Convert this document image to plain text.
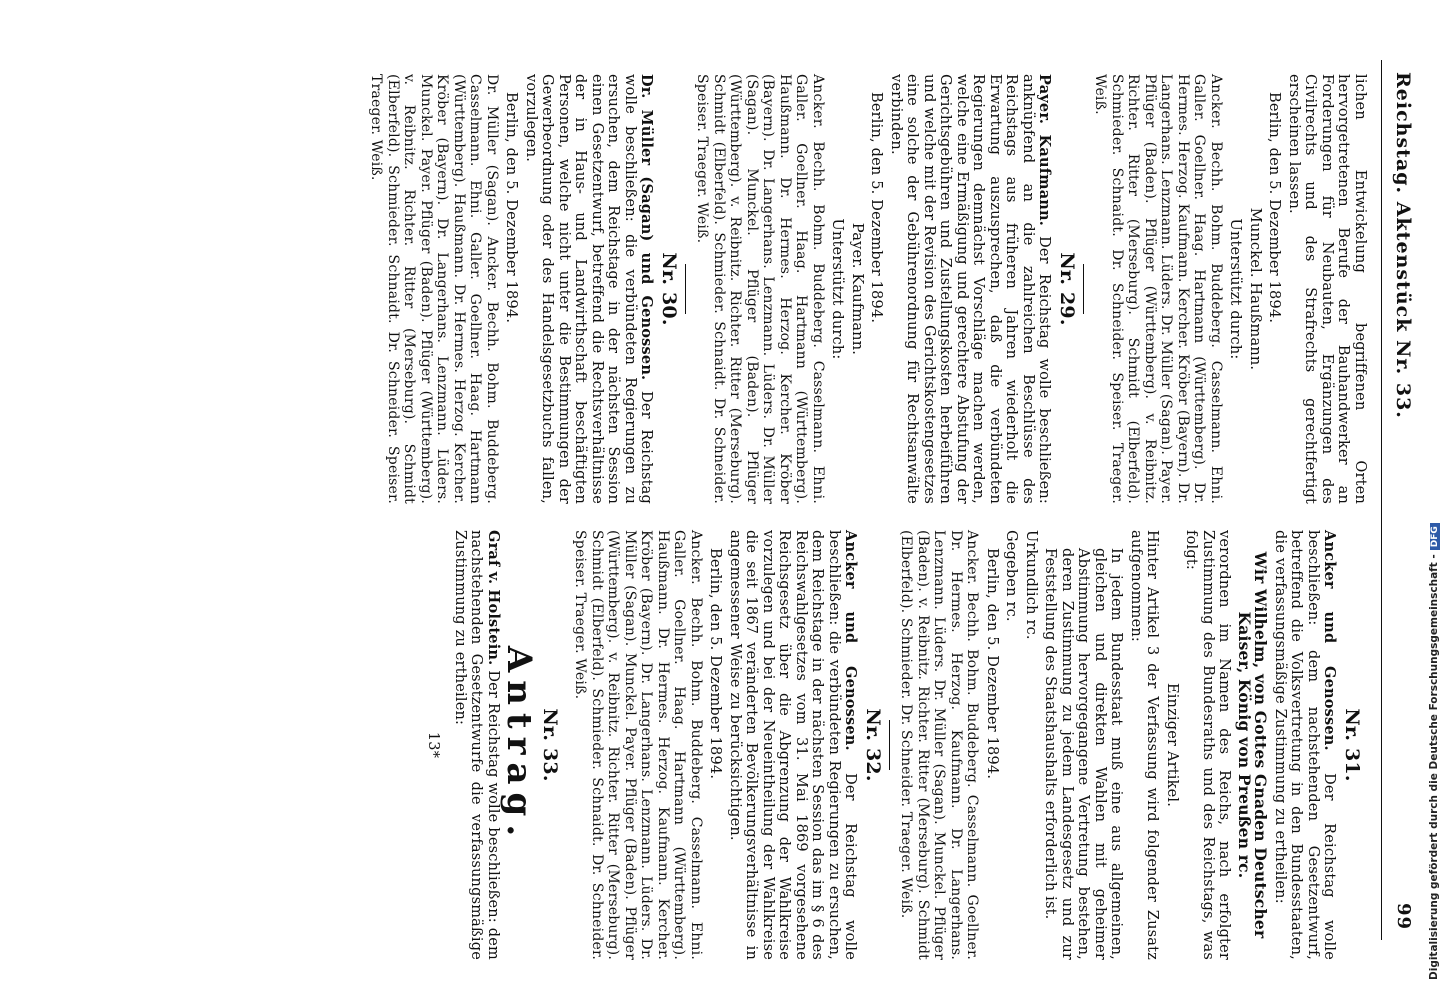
Reichstag. Aktenstück Nr. 33.
99

lichen Entwickelung begriffenen Orten hervorgetretenen Berufe der Bauhandwerker an Forderungen für Neubauten, Ergänzungen des Civilrechts und des Strafrechts gerechtfertigt erscheinen lassen.

Berlin, den 5. Dezember 1894.

Munckel. Haußmann.

Unterstützt durch:

Ancker. Bechh. Bohm. Buddeberg. Casselmann. Ehni. Galler. Goellner. Haag. Hartmann (Württemberg). Dr. Hermes. Herzog. Kaufmann. Kercher. Kröber (Bayern). Dr. Langerhans. Lenzmann. Lüders. Dr. Müller (Sagan). Payer. Pflüger (Baden). Pflüger (Württemberg). v. Reibnitz. Richter. Ritter (Merseburg). Schmidt (Elberfeld). Schmieder. Schnaidt. Dr. Schneider. Speiser. Traeger. Weiß.

Nr. 29.

Payer. Kaufmann. Der Reichstag wolle beschließen: anknüpfend an die zahlreichen Beschlüsse des Reichstags aus früheren Jahren wiederholt die Erwartung auszusprechen, daß die verbündeten Regierungen demnächst Vorschläge machen werden, welche eine Ermäßigung und gerechtere Abstufung der Gerichtsgebühren und Zustellungskosten herbeiführen und welche mit der Revision des Gerichtskostengesetzes eine solche der Gebührenordnung für Rechtsanwälte verbinden.

Berlin, den 5. Dezember 1894.

Payer. Kaufmann.

Unterstützt durch:

Ancker. Bechh. Bohm. Buddeberg. Casselmann. Ehni. Galler. Goellner. Haag. Hartmann (Württemberg). Haußmann. Dr. Hermes. Herzog. Kercher. Kröber (Bayern). Dr. Langerhans. Lenzmann. Lüders. Dr. Müller (Sagan). Munckel. Pflüger (Baden). Pflüger (Württemberg). v. Reibnitz. Richter. Ritter (Merseburg). Schmidt (Elberfeld). Schmieder. Schnaidt. Dr. Schneider. Speiser. Traeger. Weiß.

Nr. 30.

Dr. Müller (Sagan) und Genossen. Der Reichstag wolle beschließen: die verbündeten Regierungen zu ersuchen, dem Reichstage in der nächsten Session einen Gesetzentwurf, betreffend die Rechtsverhältnisse der in Haus- und Landwirthschaft beschäftigten Personen, welche nicht unter die Bestimmungen der Gewerbeordnung oder des Handelsgesetzbuchs fallen, vorzulegen.

Berlin, den 5. Dezember 1894.

Dr. Müller (Sagan). Ancker. Bechh. Bohm. Buddeberg. Casselmann. Ehni. Galler. Goellner. Haag. Hartmann (Württemberg). Haußmann. Dr. Hermes. Herzog. Kercher. Kröber (Bayern). Dr. Langerhans. Lenzmann. Lüders. Munckel. Payer. Pflüger (Baden). Pflüger (Württemberg). v. Reibnitz. Richter. Ritter (Merseburg). Schmidt (Elberfeld). Schmieder. Schnaidt. Dr. Schneider. Speiser. Traeger. Weiß.

Nr. 31.

Ancker und Genossen. Der Reichstag wolle beschließen: dem nachstehenden Gesetzentwurf, betreffend die Volksvertretung in den Bundesstaaten, die verfassungsmäßige Zustimmung zu ertheilen:

Wir Wilhelm, von Gottes Gnaden Deutscher Kaiser, König von Preußen rc.

verordnen im Namen des Reichs, nach erfolgter Zustimmung des Bundesraths und des Reichstags, was folgt:

Einziger Artikel.

Hinter Artikel 3 der Verfassung wird folgender Zusatz aufgenommen:

In jedem Bundesstaat muß eine aus allgemeinen, gleichen und direkten Wahlen mit geheimer Abstimmung hervorgegangene Vertretung bestehen, deren Zustimmung zu jedem Landesgesetz und zur Feststellung des Staatshaushalts erforderlich ist.

Urkundlich rc.

Gegeben rc.

Berlin, den 5. Dezember 1894.

Ancker. Bechh. Bohm. Buddeberg. Casselmann. Goellner. Dr. Hermes. Herzog. Kaufmann. Dr. Langerhans. Lenzmann. Lüders. Dr. Müller (Sagan). Munckel. Pflüger (Baden). v. Reibnitz. Richter. Ritter (Merseburg). Schmidt (Elberfeld). Schmieder. Dr. Schneider. Traeger. Weiß.

Nr. 32.

Ancker und Genossen. Der Reichstag wolle beschließen: die verbündeten Regierungen zu ersuchen, dem Reichstage in der nächsten Session das im § 6 des Reichswahlgesetzes vom 31. Mai 1869 vorgesehene Reichsgesetz über die Abgrenzung der Wahlkreise vorzulegen und bei der Neueintheilung der Wahlkreise die seit 1867 veränderten Bevölkerungsverhältnisse in angemessener Weise zu berücksichtigen.

Berlin, den 5. Dezember 1894.

Ancker. Bechh. Bohm. Buddeberg. Casselmann. Ehni. Galler. Goellner. Haag. Hartmann (Württemberg). Haußmann. Dr. Hermes. Herzog. Kaufmann. Kercher. Kröber (Bayern). Dr. Langerhans. Lenzmann. Lüders. Dr. Müller (Sagan). Munckel. Payer. Pflüger (Baden). Pflüger (Württemberg). v. Reibnitz. Richter. Ritter (Merseburg). Schmidt (Elberfeld). Schmieder. Schnaidt. Dr. Schneider. Speiser. Traeger. Weiß.

Nr. 33.
Antrag.

Graf v. Holstein. Der Reichstag wolle beschließen: dem nachstehenden Gesetzentwurfe die verfassungsmäßige Zustimmung zu ertheilen:

13*	Digitalisierung gefördert durch die Deutsche Forschungsgemeinschaft -DFG
